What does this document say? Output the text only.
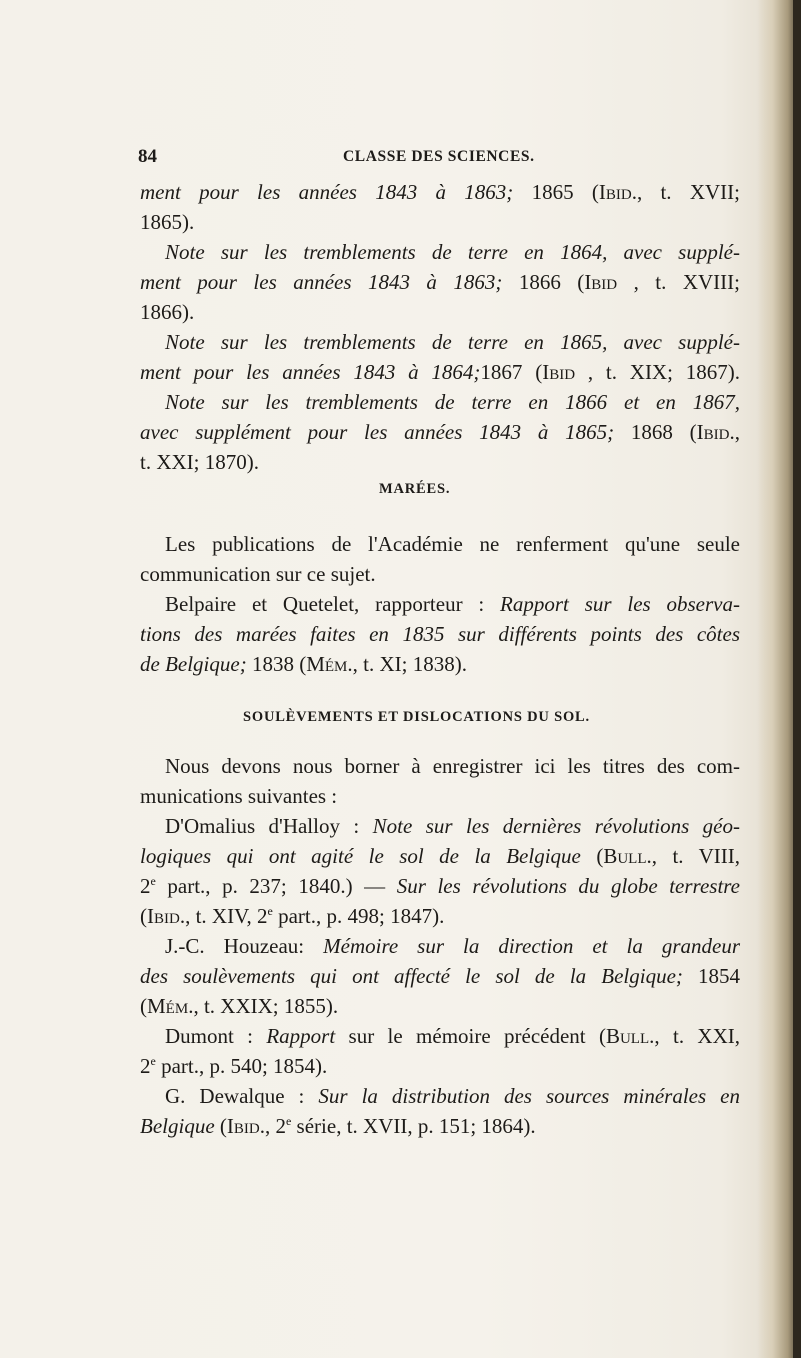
84	CLASSE DES SCIENCES.
ment pour les années 1843 à 1863; 1865 (Ibid., t. XVII;
1865).
Note sur les tremblements de terre en 1864, avec supplé-
ment pour les années 1843 à 1863; 1866 (Ibid , t. XVIII;
1866).
Note sur les tremblements de terre en 1865, avec supplé-
ment pour les années 1843 à 1864;1867 (Ibid , t. XIX; 1867).
Note sur les tremblements de terre en 1866 et en 1867,
avec supplément pour les années 1843 à 1865; 1868 (Ibid.,
t. XXI; 1870).
MARÉES.
Les publications de l'Académie ne renferment qu'une seule
communication sur ce sujet.
Belpaire et Quetelet, rapporteur : Rapport sur les observa-
tions des marées faites en 1835 sur différents points des côtes
de Belgique; 1838 (Mém., t. XI; 1838).
SOULÈVEMENTS ET DISLOCATIONS DU SOL.
Nous devons nous borner à enregistrer ici les titres des com-
munications suivantes :
D'Omalius d'Halloy : Note sur les dernières révolutions géo-
logiques qui ont agité le sol de la Belgique (Bull., t. VIII,
2e part., p. 237; 1840.) — Sur les révolutions du globe terrestre
(Ibid., t. XIV, 2e part., p. 498; 1847).
J.-C. Houzeau: Mémoire sur la direction et la grandeur
des soulèvements qui ont affecté le sol de la Belgique; 1854
(Mém., t. XXIX; 1855).
Dumont : Rapport sur le mémoire précédent (Bull., t. XXI,
2e part., p. 540; 1854).
G. Dewalque : Sur la distribution des sources minérales en
Belgique (Ibid., 2e série, t. XVII, p. 151; 1864).
